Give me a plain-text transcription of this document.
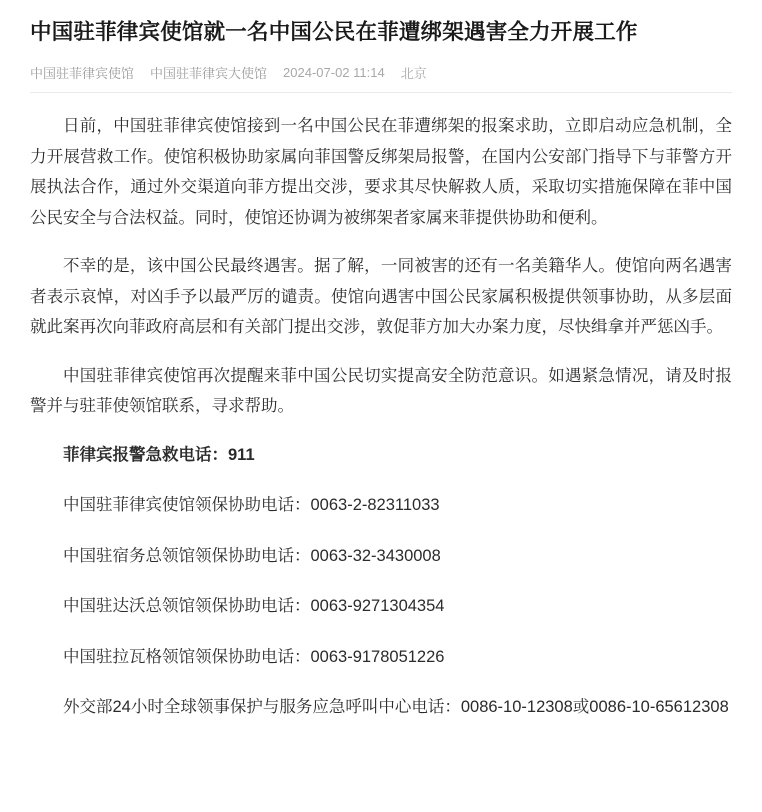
中国驻菲律宾使馆就一名中国公民在菲遭绑架遇害全力开展工作
中国驻菲律宾使馆 中国驻菲律宾大使馆 2024-07-02 11:14 北京

日前，中国驻菲律宾使馆接到一名中国公民在菲遭绑架的报案求助，立即启动应急机制，全力开展营救工作。使馆积极协助家属向菲国警反绑架局报警，在国内公安部门指导下与菲警方开展执法合作，通过外交渠道向菲方提出交涉，要求其尽快解救人质，采取切实措施保障在菲中国公民安全与合法权益。同时，使馆还协调为被绑架者家属来菲提供协助和便利。

不幸的是，该中国公民最终遇害。据了解，一同被害的还有一名美籍华人。使馆向两名遇害者表示哀悼，对凶手予以最严厉的谴责。使馆向遇害中国公民家属积极提供领事协助，从多层面就此案再次向菲政府高层和有关部门提出交涉，敦促菲方加大办案力度，尽快缉拿并严惩凶手。

中国驻菲律宾使馆再次提醒来菲中国公民切实提高安全防范意识。如遇紧急情况，请及时报警并与驻菲使领馆联系，寻求帮助。

菲律宾报警急救电话：911

中国驻菲律宾使馆领保协助电话：0063-2-82311033

中国驻宿务总领馆领保协助电话：0063-32-3430008

中国驻达沃总领馆领保协助电话：0063-9271304354

中国驻拉瓦格领馆领保协助电话：0063-9178051226

外交部24小时全球领事保护与服务应急呼叫中心电话：0086-10-12308或0086-10-65612308
